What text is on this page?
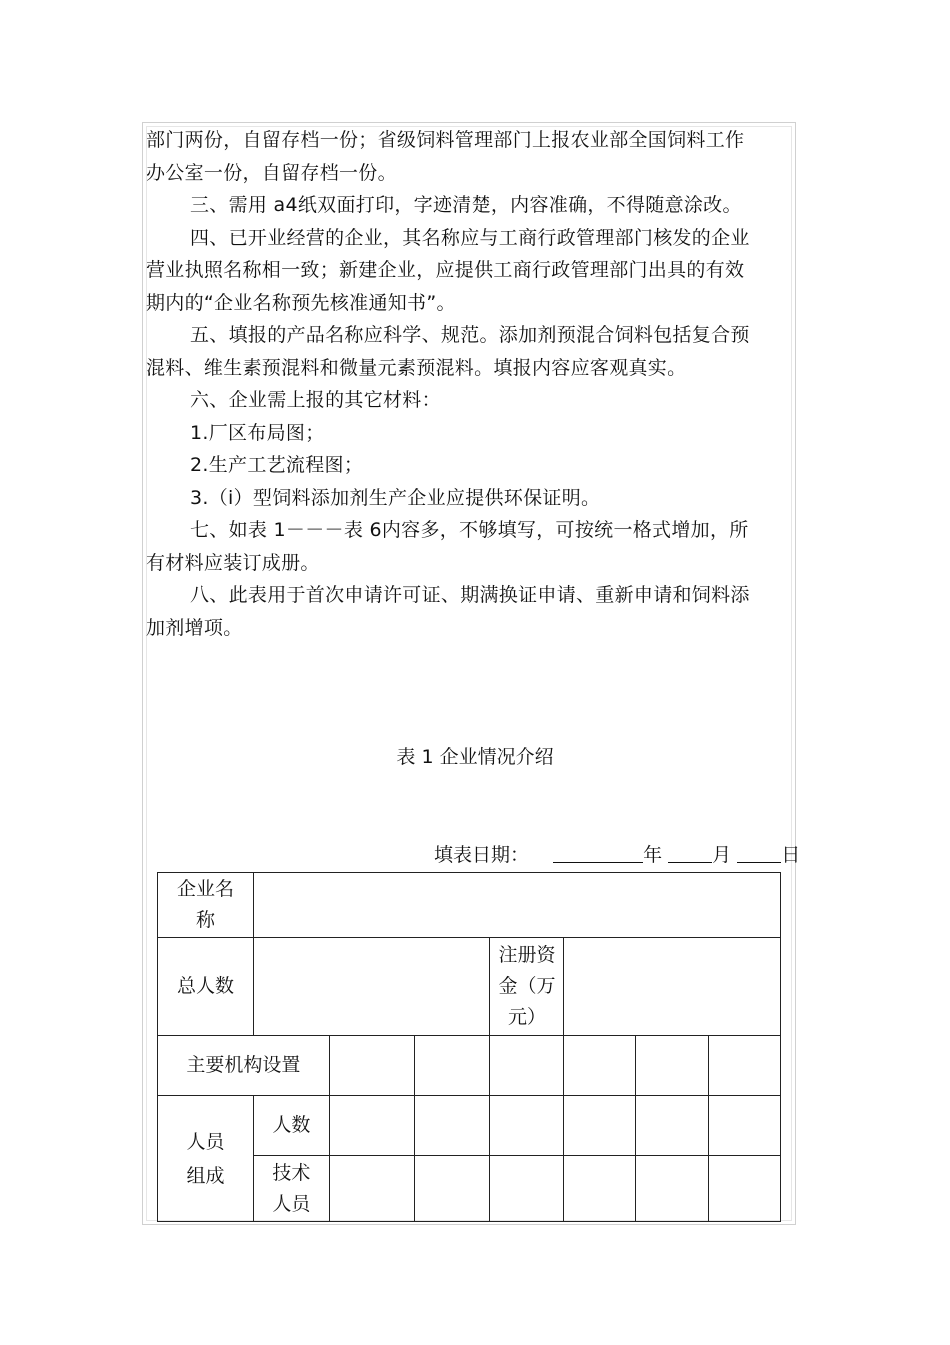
部门两份，自留存档一份；省级饲料管理部门上报农业部全国饲料工作办公室一份，自留存档一份。

三、需用 a4纸双面打印，字迹清楚，内容准确，不得随意涂改。

四、已开业经营的企业，其名称应与工商行政管理部门核发的企业营业执照名称相一致；新建企业，应提供工商行政管理部门出具的有效期内的“企业名称预先核准通知书”。

五、填报的产品名称应科学、规范。添加剂预混合饲料包括复合预混料、维生素预混料和微量元素预混料。填报内容应客观真实。

六、企业需上报的其它材料：

1.厂区布局图；

2.生产工艺流程图；

3.（i）型饲料添加剂生产企业应提供环保证明。

七、如表 1－－－表 6内容多，不够填写，可按统一格式增加，所有材料应装订成册。

八、此表用于首次申请许可证、期满换证申请、重新申请和饲料添加剂增项。

表 1 企业情况介绍
填表日期：	年	月	日
企业名称							
总人数				注册资金（万元）			
主要机构设置							
人员组成	人数						
	技术人员						
